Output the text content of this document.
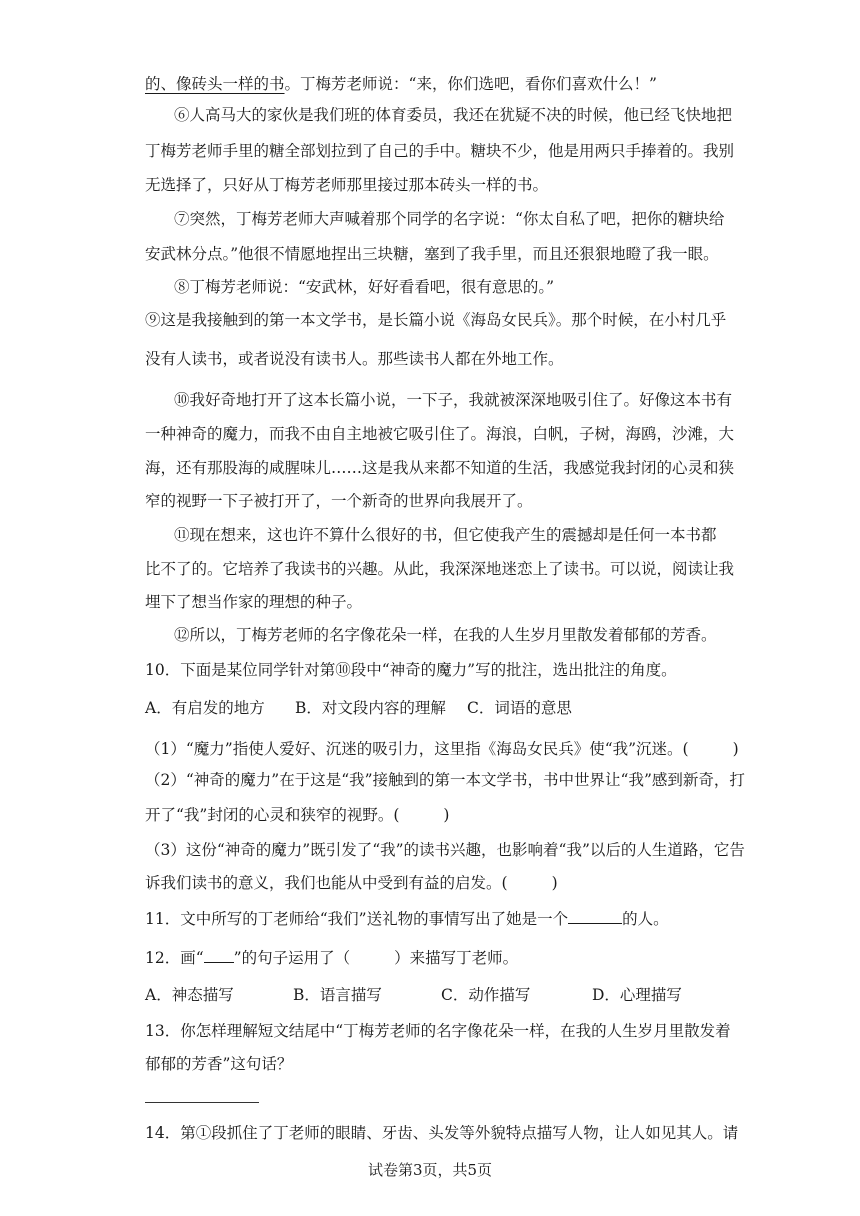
的、像砖头一样的书。丁梅芳老师说：“来，你们选吧，看你们喜欢什么！”
⑥人高马大的家伙是我们班的体育委员，我还在犹疑不决的时候，他已经飞快地把
丁梅芳老师手里的糖全部划拉到了自己的手中。糖块不少，他是用两只手捧着的。我别
无选择了，只好从丁梅芳老师那里接过那本砖头一样的书。
⑦突然，丁梅芳老师大声喊着那个同学的名字说：“你太自私了吧，把你的糖块给
安武林分点。”他很不情愿地捏出三块糖，塞到了我手里，而且还狠狠地瞪了我一眼。
⑧丁梅芳老师说：“安武林，好好看看吧，很有意思的。”
⑨这是我接触到的第一本文学书，是长篇小说《海岛女民兵》。那个时候，在小村几乎
没有人读书，或者说没有读书人。那些读书人都在外地工作。
⑩我好奇地打开了这本长篇小说，一下子，我就被深深地吸引住了。好像这本书有
一种神奇的魔力，而我不由自主地被它吸引住了。海浪，白帆，子树，海鸥，沙滩，大
海，还有那股海的咸腥味儿……这是我从来都不知道的生活，我感觉我封闭的心灵和狭
窄的视野一下子被打开了，一个新奇的世界向我展开了。
⑪现在想来，这也许不算什么很好的书，但它使我产生的震撼却是任何一本书都
比不了的。它培养了我读书的兴趣。从此，我深深地迷恋上了读书。可以说，阅读让我
埋下了想当作家的理想的种子。
⑫所以，丁梅芳老师的名字像花朵一样，在我的人生岁月里散发着郁郁的芳香。
10．下面是某位同学针对第⑩段中“神奇的魔力”写的批注，选出批注的角度。
A．有启发的地方 B．对文段内容的理解 C．词语的意思
（1）“魔力”指使人爱好、沉迷的吸引力，这里指《海岛女民兵》使“我”沉迷。(	)
（2）“神奇的魔力”在于这是“我”接触到的第一本文学书，书中世界让“我”感到新奇，打
开了“我”封闭的心灵和狭窄的视野。(	)
（3）这份“神奇的魔力”既引发了“我”的读书兴趣，也影响着“我”以后的人生道路，它告
诉我们读书的意义，我们也能从中受到有益的启发。(	)
11．文中所写的丁老师给“我们”送礼物的事情写出了她是一个	的人。
12．画“ ”的句子运用了（	）来描写丁老师。
A．神态描写	B．语言描写	C．动作描写	D．心理描写
13．你怎样理解短文结尾中“丁梅芳老师的名字像花朵一样，在我的人生岁月里散发着
郁郁的芳香”这句话？
14．第①段抓住了丁老师的眼睛、牙齿、头发等外貌特点描写人物，让人如见其人。请
试卷第3页，共5页
